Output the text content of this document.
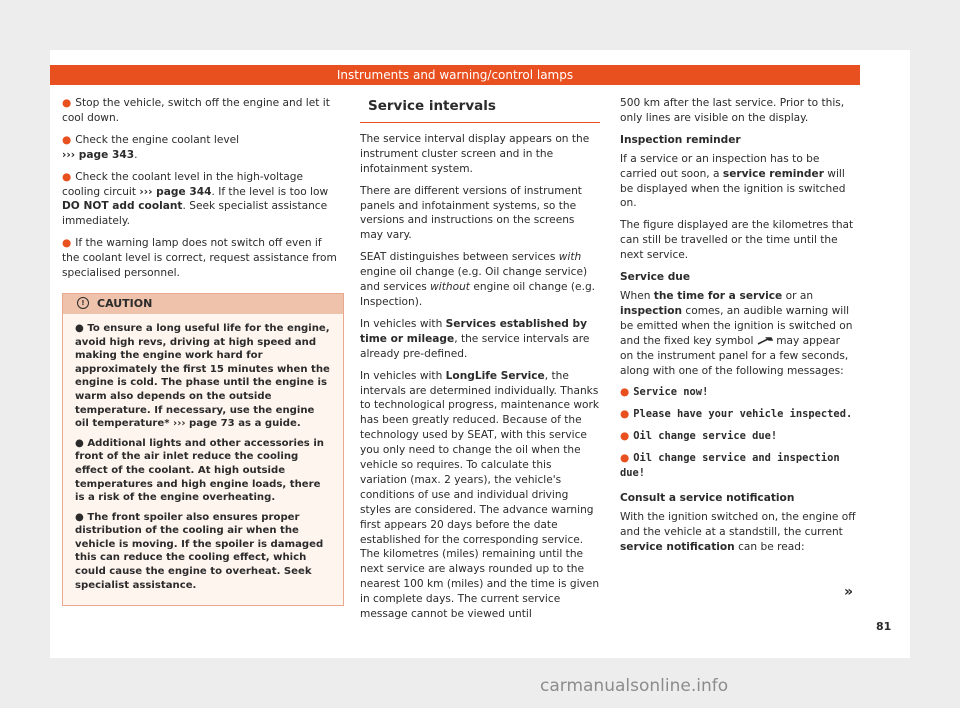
Instruments and warning/control lamps
● Stop the vehicle, switch off the engine and let it cool down.
● Check the engine coolant level
››› page 343.
● Check the coolant level in the high-voltage cooling circuit ››› page 344. If the level is too low DO NOT add coolant. Seek specialist assistance immediately.
● If the warning lamp does not switch off even if the coolant level is correct, request assistance from specialised personnel.
! CAUTION
● To ensure a long useful life for the engine, avoid high revs, driving at high speed and making the engine work hard for approximately the first 15 minutes when the engine is cold. The phase until the engine is warm also depends on the outside temperature. If necessary, use the engine oil temperature* ››› page 73 as a guide.
● Additional lights and other accessories in front of the air inlet reduce the cooling effect of the coolant. At high outside temperatures and high engine loads, there is a risk of the engine overheating.
● The front spoiler also ensures proper distribution of the cooling air when the vehicle is moving. If the spoiler is damaged this can reduce the cooling effect, which could cause the engine to overheat. Seek specialist assistance.
Service intervals

The service interval display appears on the instrument cluster screen and in the infotainment system.

There are different versions of instrument panels and infotainment systems, so the versions and instructions on the screens may vary.

SEAT distinguishes between services with engine oil change (e.g. Oil change service) and services without engine oil change (e.g. Inspection).

In vehicles with Services established by time or mileage, the service intervals are already pre-defined.

In vehicles with LongLife Service, the intervals are determined individually. Thanks to technological progress, maintenance work has been greatly reduced. Because of the technology used by SEAT, with this service you only need to change the oil when the vehicle so requires. To calculate this variation (max. 2 years), the vehicle's conditions of use and individual driving styles are considered. The advance warning first appears 20 days before the date established for the corresponding service. The kilometres (miles) remaining until the next service are always rounded up to the nearest 100 km (miles) and the time is given in complete days. The current service message cannot be viewed until

500 km after the last service. Prior to this, only lines are visible on the display.

Inspection reminder

If a service or an inspection has to be carried out soon, a service reminder will be displayed when the ignition is switched on.

The figure displayed are the kilometres that can still be travelled or the time until the next service.

Service due

When the time for a service or an inspection comes, an audible warning will be emitted when the ignition is switched on and the fixed key symbol  may appear on the instrument panel for a few seconds, along with one of the following messages:

● Service now!
● Please have your vehicle inspected.
● Oil change service due!
● Oil change service and inspection due!

Consult a service notification

With the ignition switched on, the engine off and the vehicle at a standstill, the current service notification can be read:

»
81
carmanualsonline.info
